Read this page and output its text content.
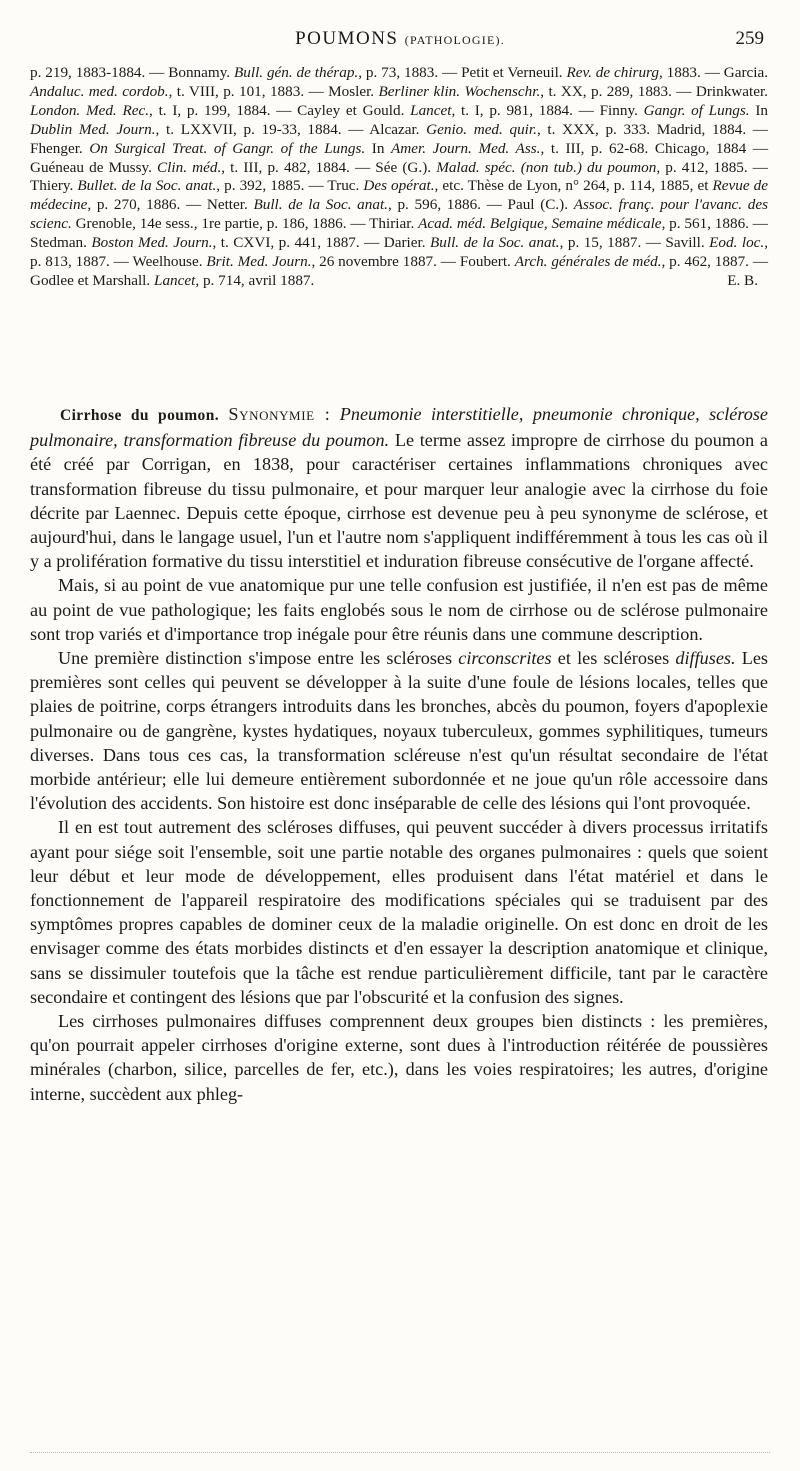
POUMONS (PATHOLOGIE).	259
p. 219, 1883-1884. — Bonnamy. Bull. gén. de thérap., p. 73, 1883. — Petit et Verneuil. Rev. de chirurg, 1883. — Garcia. Andaluc. med. cordob., t. VIII, p. 101, 1883. — Mosler. Berliner klin. Wochenschr., t. XX, p. 289, 1883. — Drinkwater. London. Med. Rec., t. I, p. 199, 1884. — Cayley et Gould. Lancet, t. I, p. 981, 1884. — Finny. Gangr. of Lungs. In Dublin Med. Journ., t. LXXVII, p. 19-33, 1884. — Alcazar. Genio. med. quir., t. XXX, p. 333. Madrid, 1884. — Fhenger. On Surgical Treat. of Gangr. of the Lungs. In Amer. Journ. Med. Ass., t. III, p. 62-68. Chicago, 1884 — Guéneau de Mussy. Clin. méd., t. III, p. 482, 1884. — Sée (G.). Malad. spéc. (non tub.) du poumon, p. 412, 1885. — Thiery. Bullet. de la Soc. anat., p. 392, 1885. — Truc. Des opérat., etc. Thèse de Lyon, n° 264, p. 114, 1885, et Revue de médecine, p. 270, 1886. — Netter. Bull. de la Soc. anat., p. 596, 1886. — Paul (C.). Assoc. franç. pour l'avanc. des scienc. Grenoble, 14e sess., 1re partie, p. 186, 1886. — Thiriar. Acad. méd. Belgique, Semaine médicale, p. 561, 1886. — Stedman. Boston Med. Journ., t. CXVI, p. 441, 1887. — Darier. Bull. de la Soc. anat., p. 15, 1887. — Savill. Eod. loc., p. 813, 1887. — Weelhouse. Brit. Med. Journ., 26 novembre 1887. — Foubert. Arch. générales de méd., p. 462, 1887. — Godlee et Marshall. Lancet, p. 714, avril 1887.	E. B.

Cirrhose du poumon. Synonymie : Pneumonie interstitielle, pneumonie chronique, sclérose pulmonaire, transformation fibreuse du poumon. Le terme assez impropre de cirrhose du poumon a été créé par Corrigan, en 1838, pour caractériser certaines inflammations chroniques avec transformation fibreuse du tissu pulmonaire, et pour marquer leur analogie avec la cirrhose du foie décrite par Laennec. Depuis cette époque, cirrhose est devenue peu à peu synonyme de sclérose, et aujourd'hui, dans le langage usuel, l'un et l'autre nom s'appliquent indifféremment à tous les cas où il y a prolifération formative du tissu interstitiel et induration fibreuse consécutive de l'organe affecté.

Mais, si au point de vue anatomique pur une telle confusion est justifiée, il n'en est pas de même au point de vue pathologique; les faits englobés sous le nom de cirrhose ou de sclérose pulmonaire sont trop variés et d'importance trop inégale pour être réunis dans une commune description.

Une première distinction s'impose entre les scléroses circonscrites et les scléroses diffuses. Les premières sont celles qui peuvent se développer à la suite d'une foule de lésions locales, telles que plaies de poitrine, corps étrangers introduits dans les bronches, abcès du poumon, foyers d'apoplexie pulmonaire ou de gangrène, kystes hydatiques, noyaux tuberculeux, gommes syphilitiques, tumeurs diverses. Dans tous ces cas, la transformation scléreuse n'est qu'un résultat secondaire de l'état morbide antérieur; elle lui demeure entièrement subordonnée et ne joue qu'un rôle accessoire dans l'évolution des accidents. Son histoire est donc inséparable de celle des lésions qui l'ont provoquée.

Il en est tout autrement des scléroses diffuses, qui peuvent succéder à divers processus irritatifs ayant pour siége soit l'ensemble, soit une partie notable des organes pulmonaires : quels que soient leur début et leur mode de développement, elles produisent dans l'état matériel et dans le fonctionnement de l'appareil respiratoire des modifications spéciales qui se traduisent par des symptômes propres capables de dominer ceux de la maladie originelle. On est donc en droit de les envisager comme des états morbides distincts et d'en essayer la description anatomique et clinique, sans se dissimuler toutefois que la tâche est rendue particulièrement difficile, tant par le caractère secondaire et contingent des lésions que par l'obscurité et la confusion des signes.

Les cirrhoses pulmonaires diffuses comprennent deux groupes bien distincts : les premières, qu'on pourrait appeler cirrhoses d'origine externe, sont dues à l'introduction réitérée de poussières minérales (charbon, silice, parcelles de fer, etc.), dans les voies respiratoires; les autres, d'origine interne, succèdent aux phleg-
